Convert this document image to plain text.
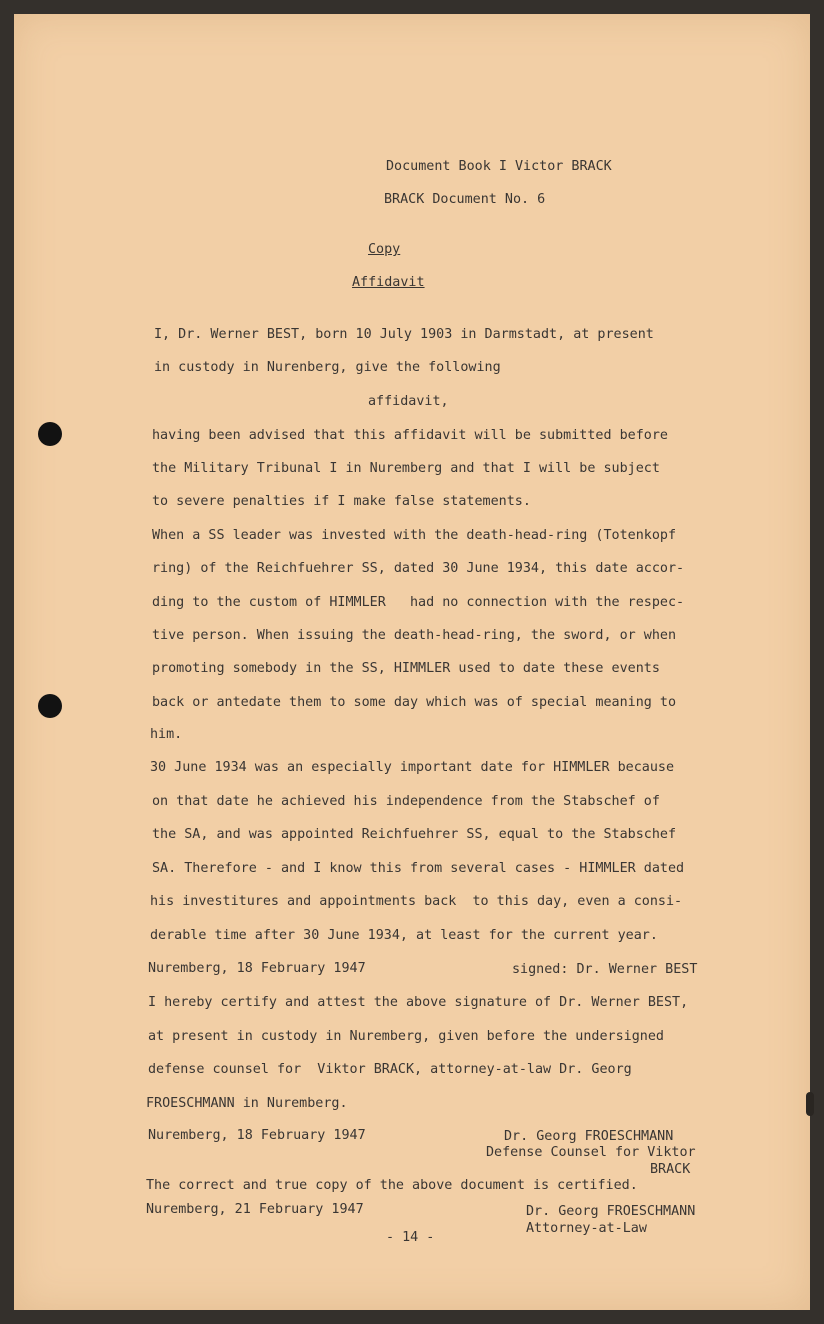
Document Book I Victor BRACK

BRACK Document No. 6

Copy

Affidavit

I, Dr. Werner BEST, born 10 July 1903 in Darmstadt, at present

in custody in Nurenberg, give the following

affidavit,

having been advised that this affidavit will be submitted before

the Military Tribunal I in Nuremberg and that I will be subject

to severe penalties if I make false statements.

When a SS leader was invested with the death-head-ring (Totenkopf

ring) of the Reichfuehrer SS, dated 30 June 1934, this date accor-

ding to the custom of HIMMLER   had no connection with the respec-

tive person. When issuing the death-head-ring, the sword, or when

promoting somebody in the SS, HIMMLER used to date these events

back or antedate them to some day which was of special meaning to

him.

30 June 1934 was an especially important date for HIMMLER because

on that date he achieved his independence from the Stabschef of

the SA, and was appointed Reichfuehrer SS, equal to the Stabschef

SA. Therefore - and I know this from several cases - HIMMLER dated

his investitures and appointments back  to this day, even a consi-

derable time after 30 June 1934, at least for the current year.

Nuremberg, 18 February 1947	signed: Dr. Werner BEST

I hereby certify and attest the above signature of Dr. Werner BEST,

at present in custody in Nuremberg, given before the undersigned

defense counsel for  Viktor BRACK, attorney-at-law Dr. Georg

FROESCHMANN in Nuremberg.

Nuremberg, 18 February 1947	Dr. Georg FROESCHMANN

Defense Counsel for Viktor

BRACK

The correct and true copy of the above document is certified.

Nuremberg, 21 February 1947	Dr. Georg FROESCHMANN

Attorney-at-Law

- 14 -
